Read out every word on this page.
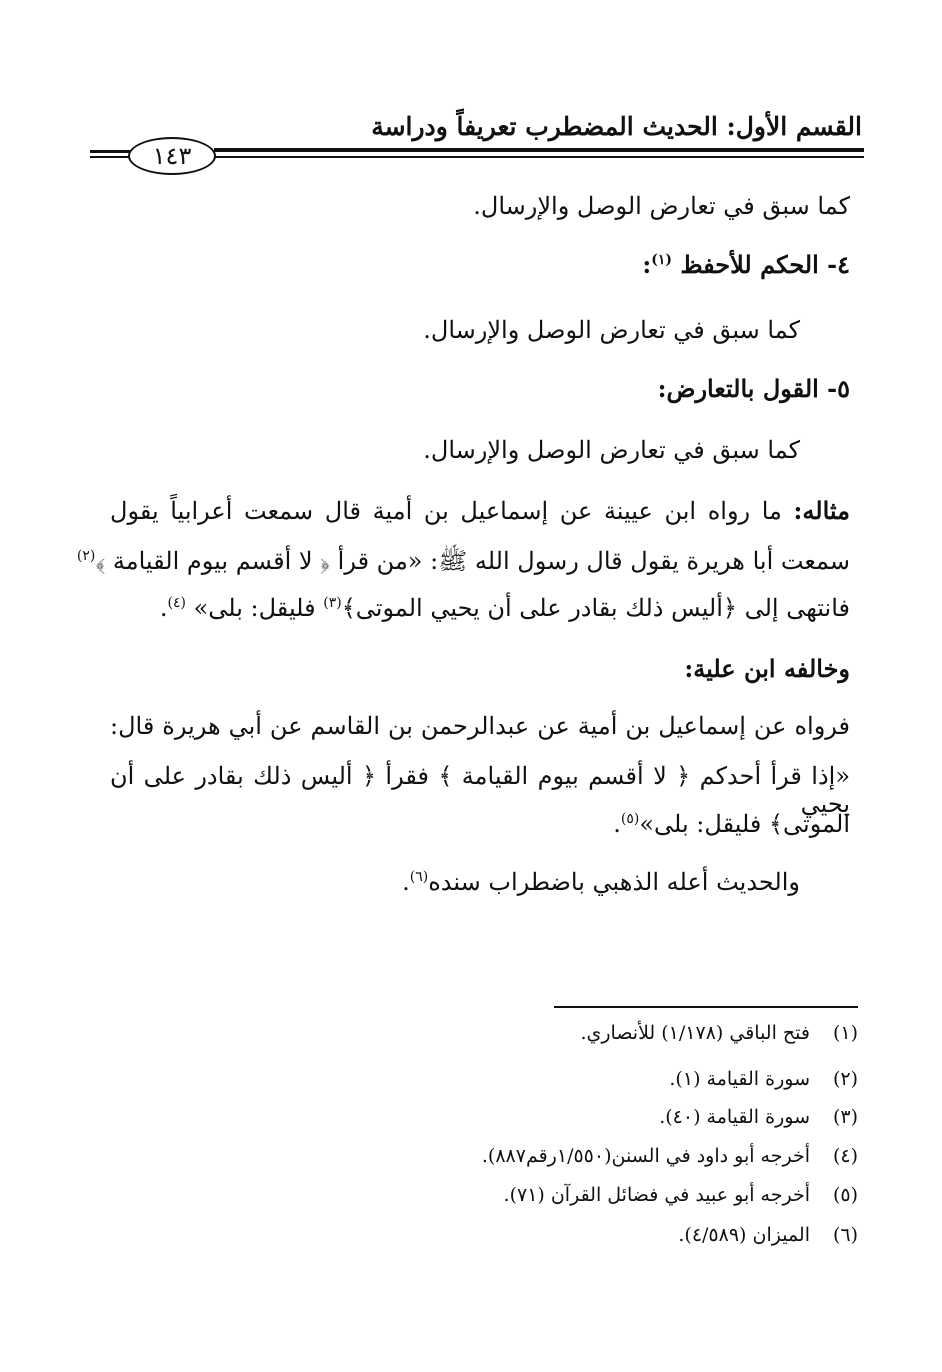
القسم الأول: الحديث المضطرب تعريفاً ودراسة
١٤٣
كما سبق في تعارض الوصل والإرسال.
٤- الحكم للأحفظ $^{(١)}$:
كما سبق في تعارض الوصل والإرسال.
٥- القول بالتعارض:
كما سبق في تعارض الوصل والإرسال.
مثاله: ما رواه ابن عيينة عن إسماعيل بن أمية قال سمعت أعرابياً يقول
سمعت أبا هريرة يقول قال رسول الله ﷺ: «من قرأ ﴿ لا أقسم بيوم القيامة ﴾$^{(٢)}$
فانتهى إلى ﴿أليس ذلك بقادر على أن يحيي الموتى﴾$^{(٣)}$ فليقل: بلى» $^{(٤)}$.
وخالفه ابن علية:
فرواه عن إسماعيل بن أمية عن عبدالرحمن بن القاسم عن أبي هريرة قال:
«إذا قرأ أحدكم ﴿ لا أقسم بيوم القيامة ﴾ فقرأ ﴿ أليس ذلك بقادر على أن يحيي
الموتى﴾ فليقل: بلى»$^{(٥)}$.
والحديث أعله الذهبي باضطراب سنده$^{(٦)}$.
(١)فتح الباقي (١/١٧٨) للأنصاري.
(٢)سورة القيامة (١).
(٣)سورة القيامة (٤٠).
(٤)أخرجه أبو داود في السنن(١/٥٥٠رقم٨٨٧).
(٥)أخرجه أبو عبيد في فضائل القرآن (٧١).
(٦)الميزان (٤/٥٨٩).
